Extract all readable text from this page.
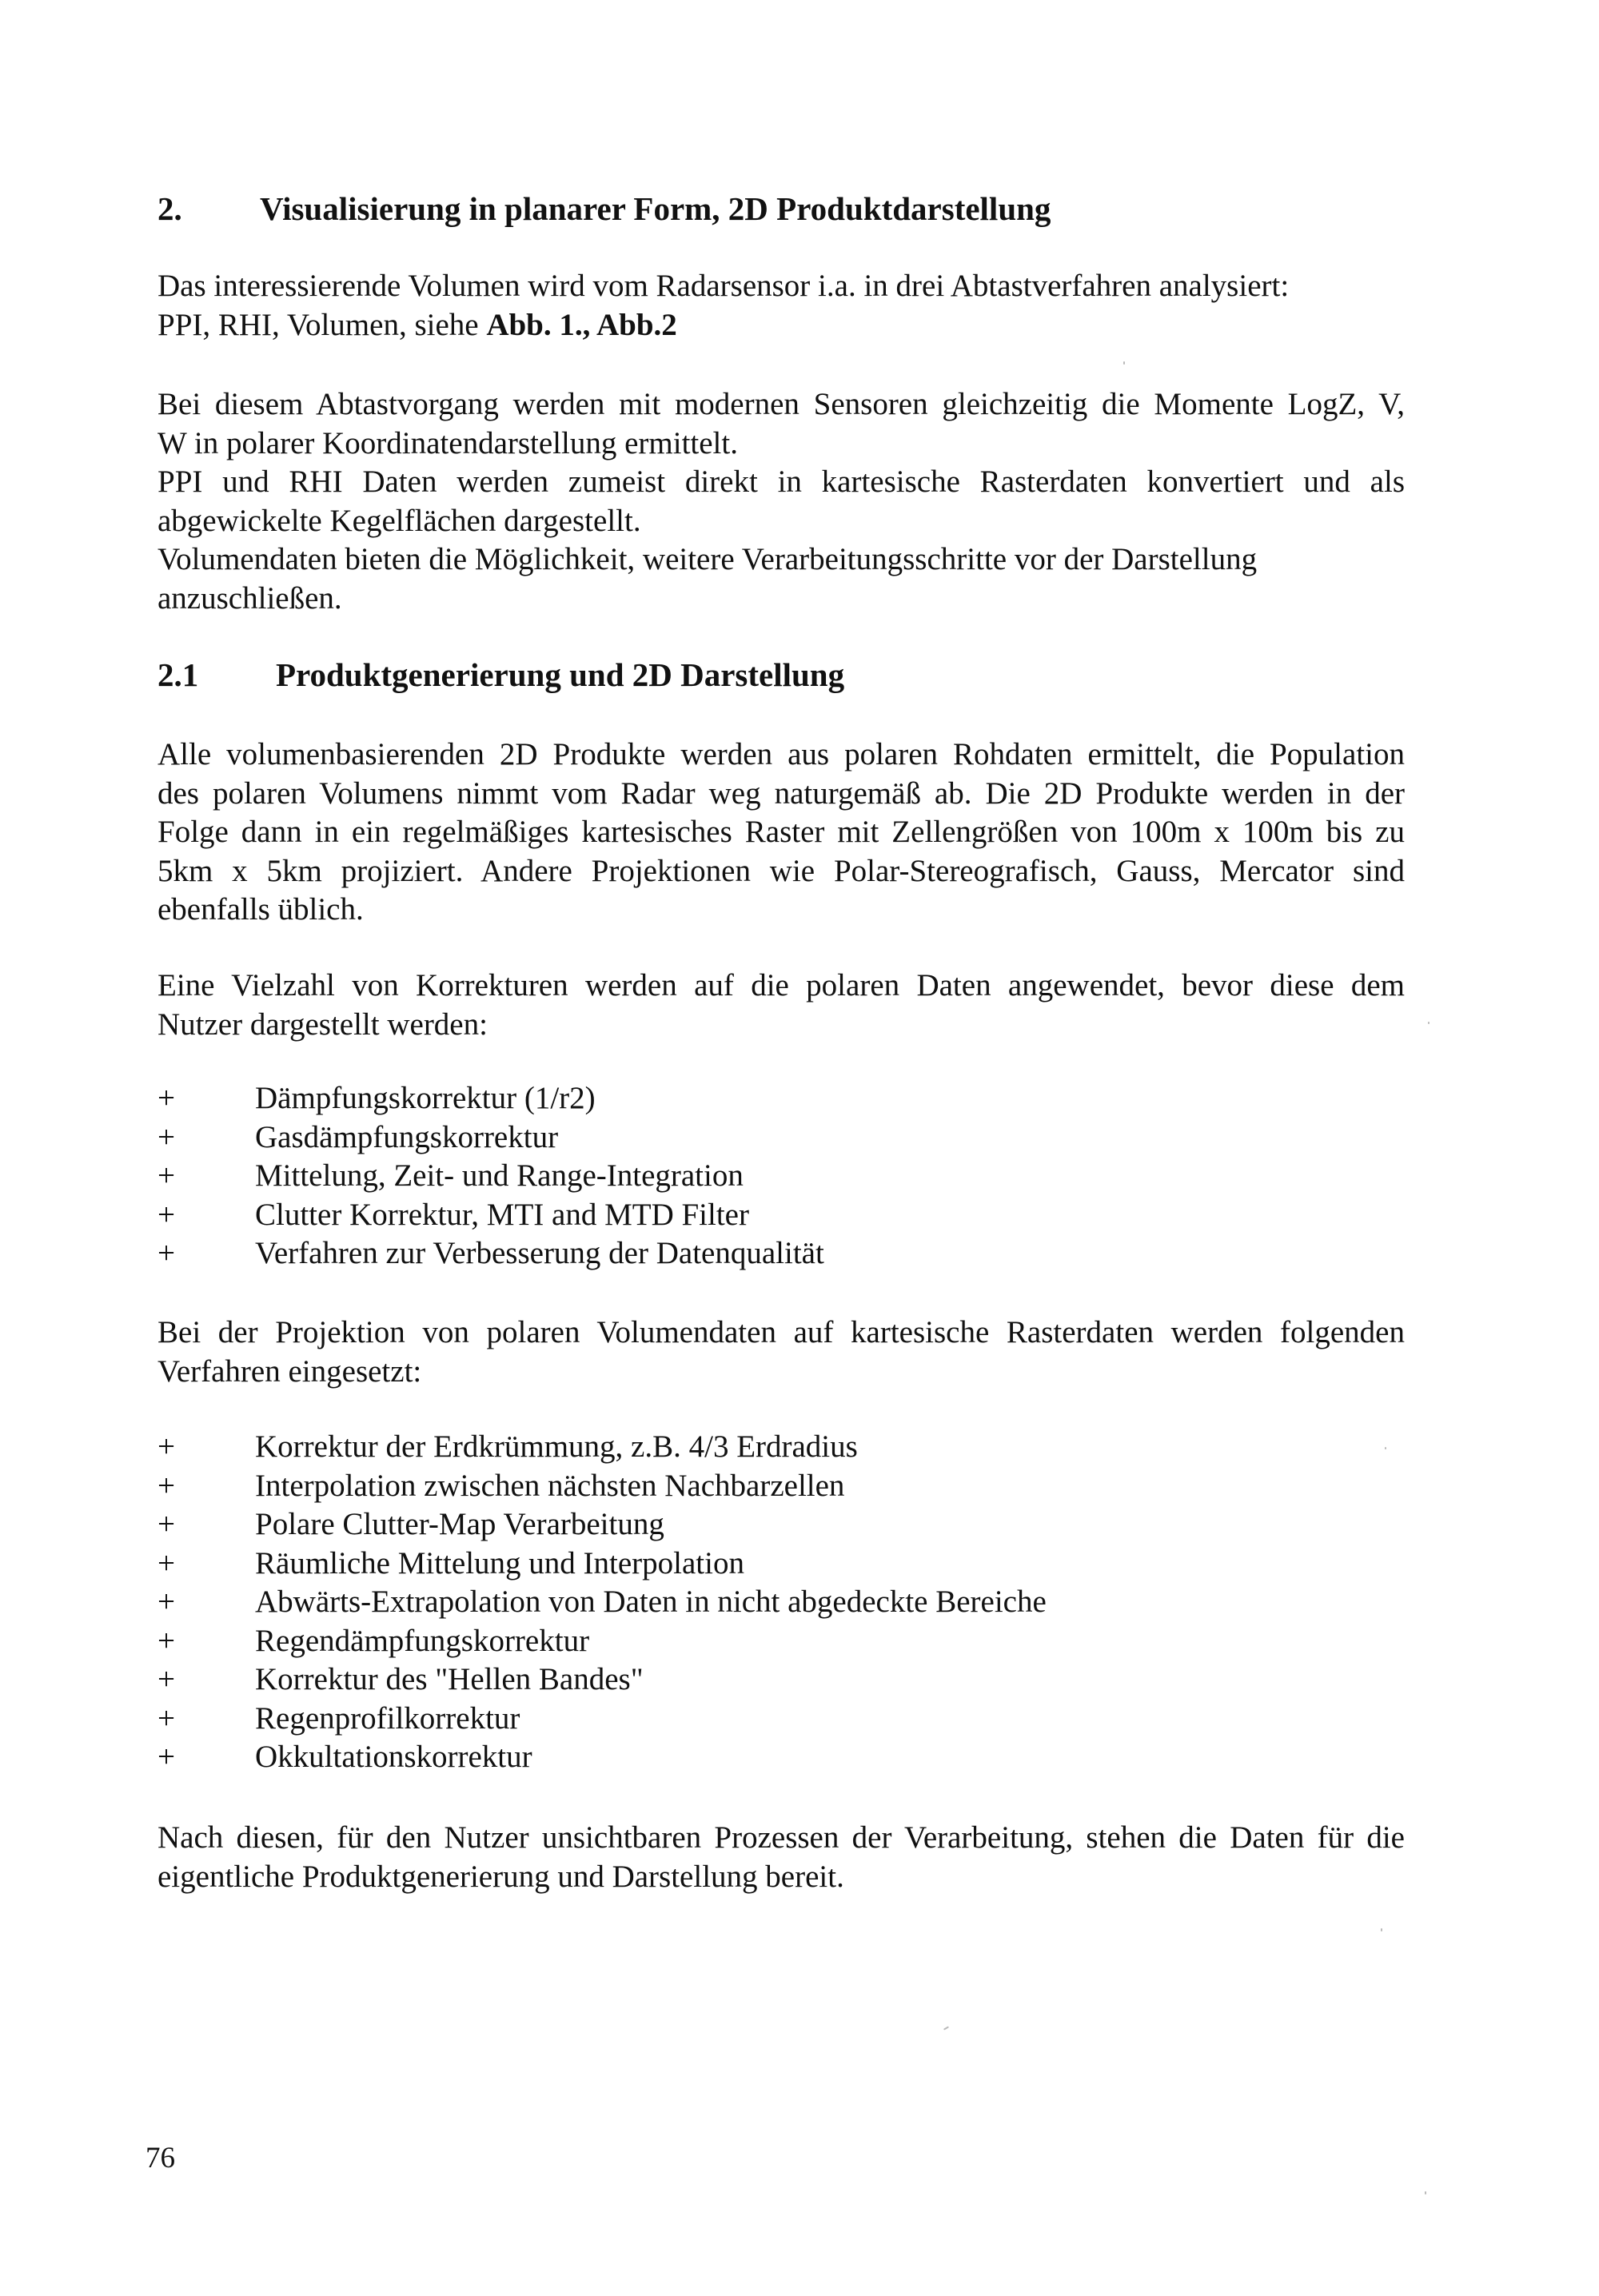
2. Visualisierung in planarer Form, 2D Produktdarstellung
Das interessierende Volumen wird vom Radarsensor i.a. in drei Abtastverfahren analysiert:
PPI, RHI, Volumen, siehe Abb. 1., Abb.2
Bei diesem Abtastvorgang werden mit modernen Sensoren gleichzeitig die Momente LogZ, V,
W in polarer Koordinatendarstellung ermittelt.
PPI und RHI Daten werden zumeist direkt in kartesische Rasterdaten konvertiert und als
abgewickelte Kegelflächen dargestellt.
Volumendaten bieten die Möglichkeit, weitere Verarbeitungsschritte vor der Darstellung
anzuschließen.
2.1 Produktgenerierung und 2D Darstellung
Alle volumenbasierenden 2D Produkte werden aus polaren Rohdaten ermittelt, die Population
des polaren Volumens nimmt vom Radar weg naturgemäß ab. Die 2D Produkte werden in der
Folge dann in ein regelmäßiges kartesisches Raster mit Zellengrößen von 100m x 100m bis zu
5km x 5km projiziert. Andere Projektionen wie Polar-Stereografisch, Gauss, Mercator sind
ebenfalls üblich.
Eine Vielzahl von Korrekturen werden auf die polaren Daten angewendet, bevor diese dem
Nutzer dargestellt werden:
+	Dämpfungskorrektur (1/r2)
+	Gasdämpfungskorrektur
+	Mittelung, Zeit- und Range-Integration
+	Clutter Korrektur, MTI and MTD Filter
+	Verfahren zur Verbesserung der Datenqualität
Bei der Projektion von polaren Volumendaten auf kartesische Rasterdaten werden folgenden
Verfahren eingesetzt:
+	Korrektur der Erdkrümmung, z.B. 4/3 Erdradius
+	Interpolation zwischen nächsten Nachbarzellen
+	Polare Clutter-Map Verarbeitung
+	Räumliche Mittelung und Interpolation
+	Abwärts-Extrapolation von Daten in nicht abgedeckte Bereiche
+	Regendämpfungskorrektur
+	Korrektur des "Hellen Bandes"
+	Regenprofilkorrektur
+	Okkultationskorrektur
Nach diesen, für den Nutzer unsichtbaren Prozessen der Verarbeitung, stehen die Daten für die
eigentliche Produktgenerierung und Darstellung bereit.
76
